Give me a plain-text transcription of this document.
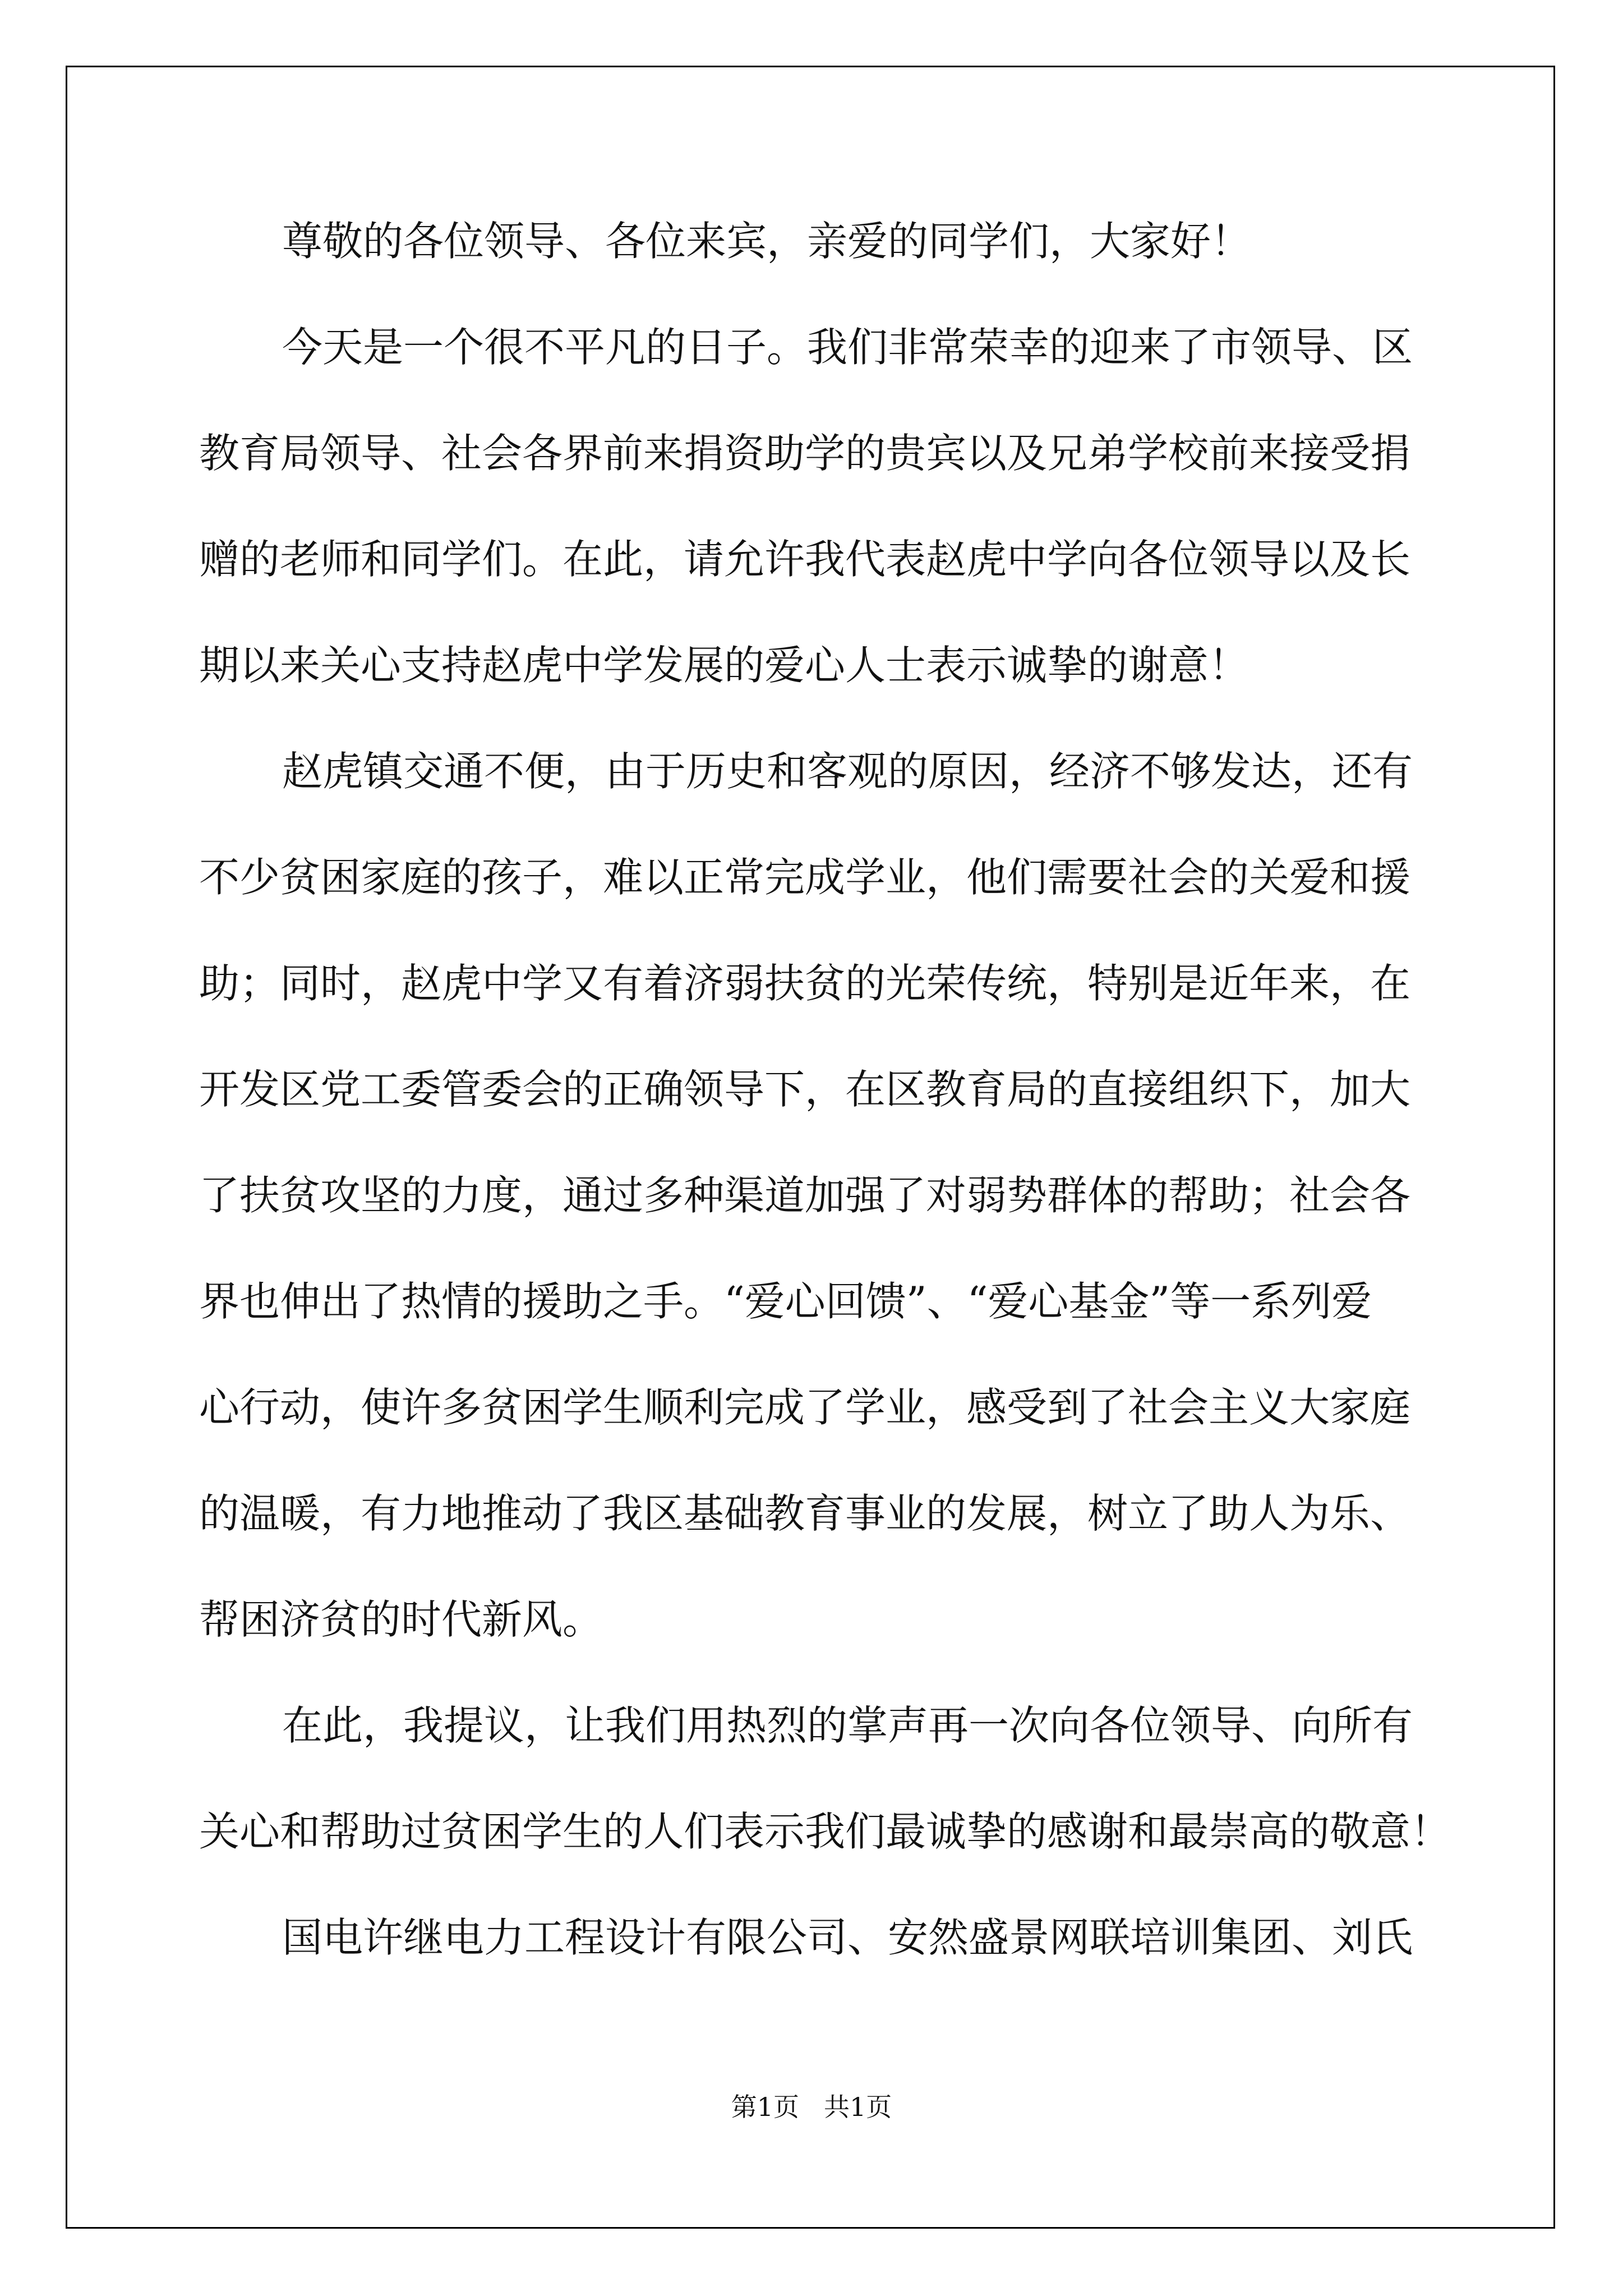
尊敬的各位领导、各位来宾，亲爱的同学们，大家好！
今天是一个很不平凡的日子。我们非常荣幸的迎来了市领导、区
教育局领导、社会各界前来捐资助学的贵宾以及兄弟学校前来接受捐
赠的老师和同学们。在此，请允许我代表赵虎中学向各位领导以及长
期以来关心支持赵虎中学发展的爱心人士表示诚挚的谢意！
赵虎镇交通不便，由于历史和客观的原因，经济不够发达，还有
不少贫困家庭的孩子，难以正常完成学业，他们需要社会的关爱和援
助；同时，赵虎中学又有着济弱扶贫的光荣传统，特别是近年来，在
开发区党工委管委会的正确领导下，在区教育局的直接组织下，加大
了扶贫攻坚的力度，通过多种渠道加强了对弱势群体的帮助；社会各
界也伸出了热情的援助之手。“爱心回馈”、“爱心基金”等一系列爱
心行动，使许多贫困学生顺利完成了学业，感受到了社会主义大家庭
的温暖，有力地推动了我区基础教育事业的发展，树立了助人为乐、
帮困济贫的时代新风。
在此，我提议，让我们用热烈的掌声再一次向各位领导、向所有
关心和帮助过贫困学生的人们表示我们最诚挚的感谢和最崇高的敬意！
国电许继电力工程设计有限公司、安然盛景网联培训集团、刘氏
第1页 共1页
